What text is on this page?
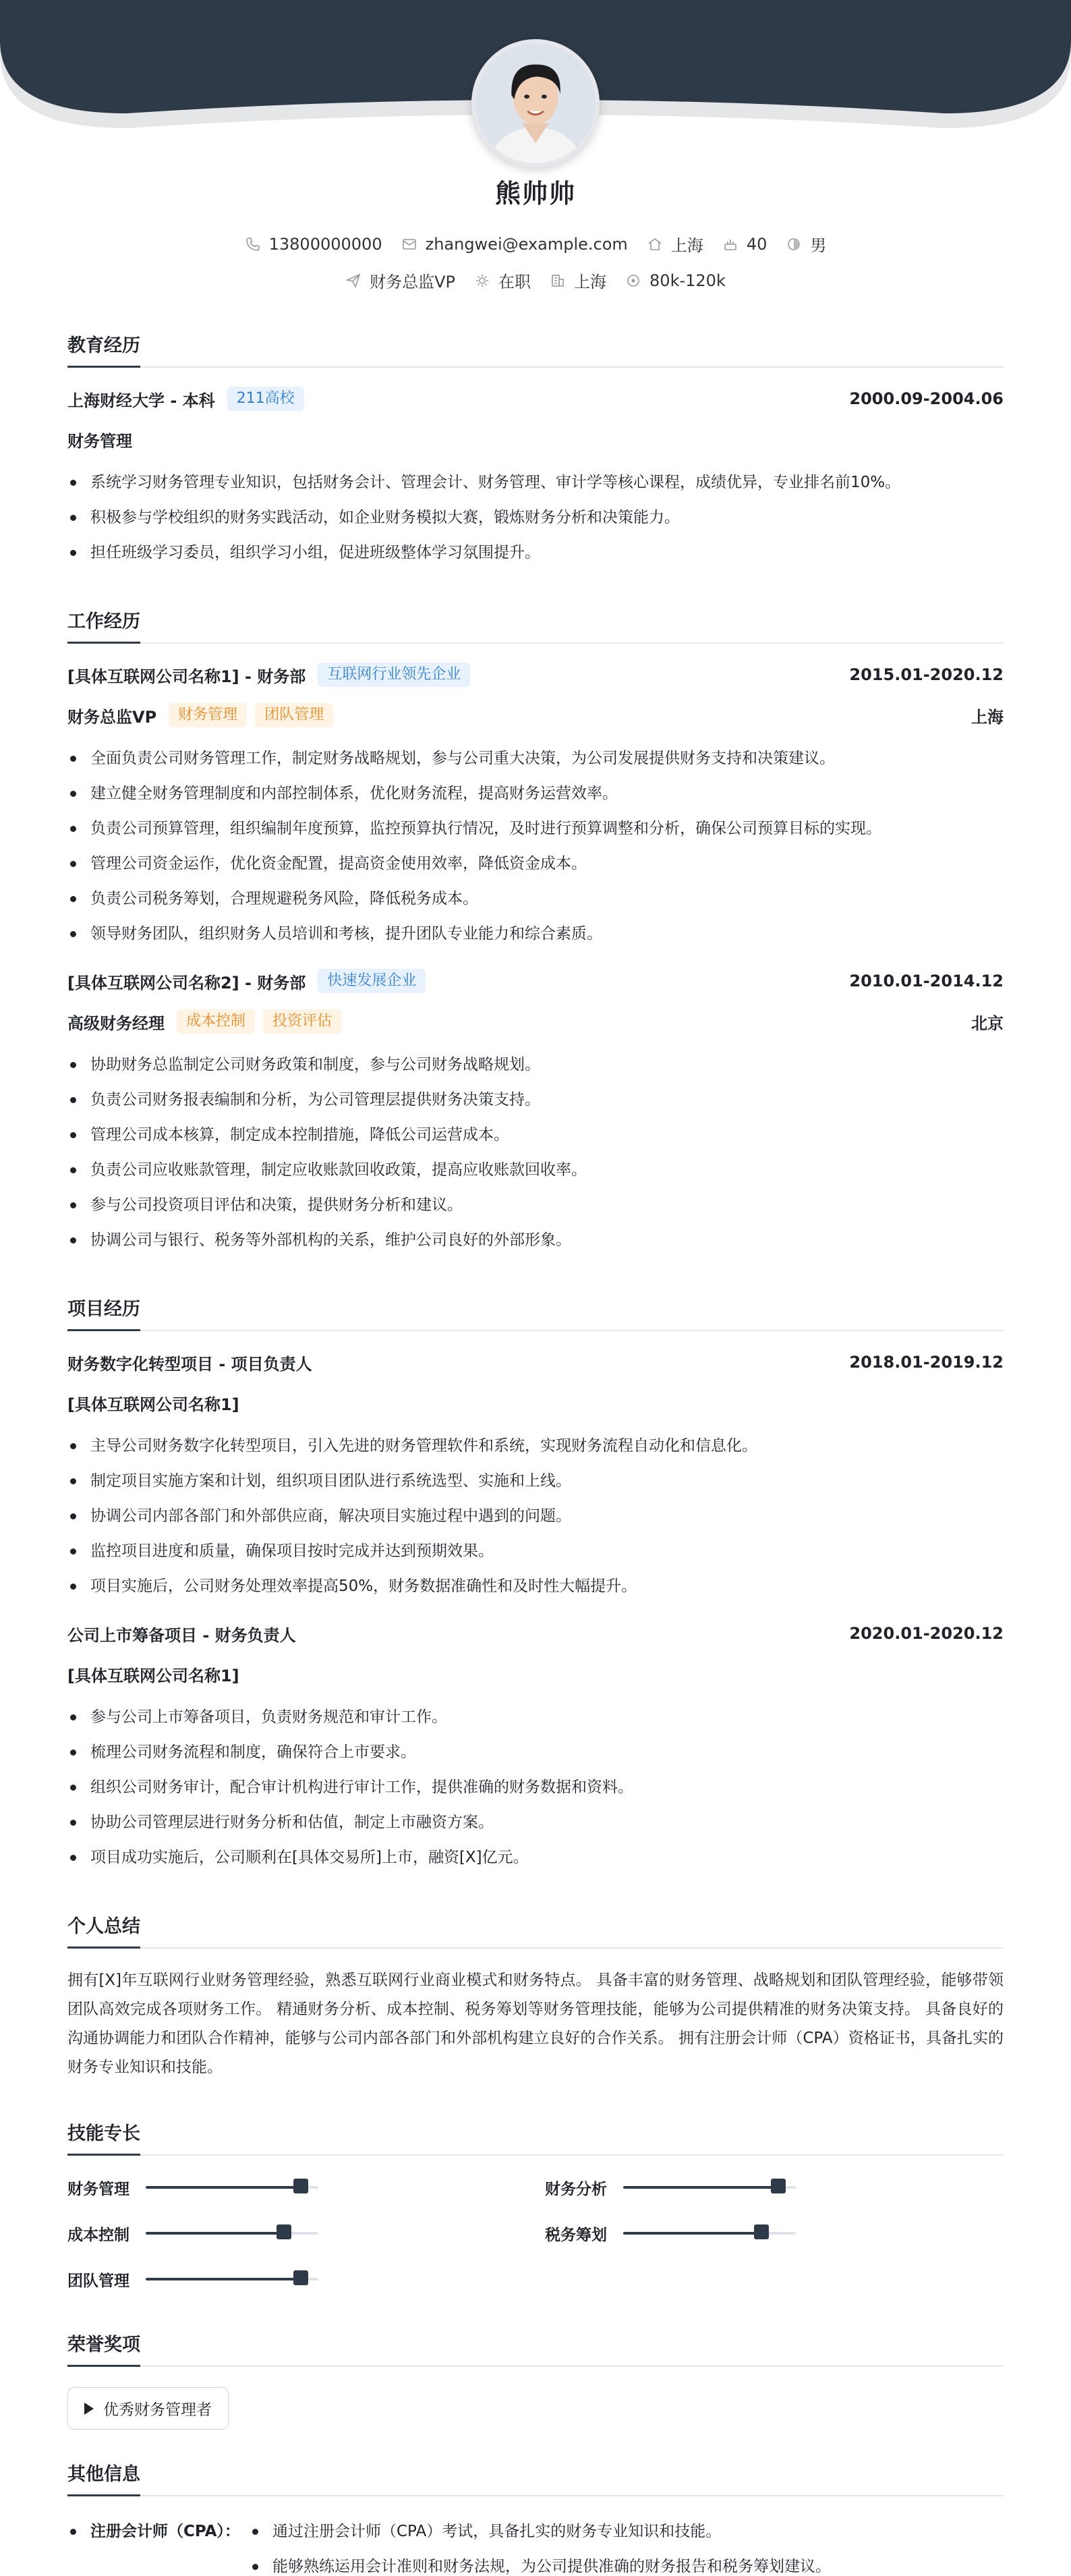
熊帅帅
13800000000	zhangwei@example.com	上海	40	男
财务总监VP	在职	上海	80k-120k
教育经历
上海财经大学 - 本科	211高校	2000.09-2004.06
财务管理
系统学习财务管理专业知识，包括财务会计、管理会计、财务管理、审计学等核心课程，成绩优异，专业排名前10%。
积极参与学校组织的财务实践活动，如企业财务模拟大赛，锻炼财务分析和决策能力。
担任班级学习委员，组织学习小组，促进班级整体学习氛围提升。
工作经历
[具体互联网公司名称1] - 财务部	互联网行业领先企业	2015.01-2020.12
财务总监VP	财务管理	团队管理	上海
全面负责公司财务管理工作，制定财务战略规划，参与公司重大决策，为公司发展提供财务支持和决策建议。
建立健全财务管理制度和内部控制体系，优化财务流程，提高财务运营效率。
负责公司预算管理，组织编制年度预算，监控预算执行情况，及时进行预算调整和分析，确保公司预算目标的实现。
管理公司资金运作，优化资金配置，提高资金使用效率，降低资金成本。
负责公司税务筹划，合理规避税务风险，降低税务成本。
领导财务团队，组织财务人员培训和考核，提升团队专业能力和综合素质。
[具体互联网公司名称2] - 财务部	快速发展企业	2010.01-2014.12
高级财务经理	成本控制	投资评估	北京
协助财务总监制定公司财务政策和制度，参与公司财务战略规划。
负责公司财务报表编制和分析，为公司管理层提供财务决策支持。
管理公司成本核算，制定成本控制措施，降低公司运营成本。
负责公司应收账款管理，制定应收账款回收政策，提高应收账款回收率。
参与公司投资项目评估和决策，提供财务分析和建议。
协调公司与银行、税务等外部机构的关系，维护公司良好的外部形象。
项目经历
财务数字化转型项目 - 项目负责人	2018.01-2019.12
[具体互联网公司名称1]
主导公司财务数字化转型项目，引入先进的财务管理软件和系统，实现财务流程自动化和信息化。
制定项目实施方案和计划，组织项目团队进行系统选型、实施和上线。
协调公司内部各部门和外部供应商，解决项目实施过程中遇到的问题。
监控项目进度和质量，确保项目按时完成并达到预期效果。
项目实施后，公司财务处理效率提高50%，财务数据准确性和及时性大幅提升。
公司上市筹备项目 - 财务负责人	2020.01-2020.12
[具体互联网公司名称1]
参与公司上市筹备项目，负责财务规范和审计工作。
梳理公司财务流程和制度，确保符合上市要求。
组织公司财务审计，配合审计机构进行审计工作，提供准确的财务数据和资料。
协助公司管理层进行财务分析和估值，制定上市融资方案。
项目成功实施后，公司顺利在[具体交易所]上市，融资[X]亿元。
个人总结

拥有[X]年互联网行业财务管理经验，熟悉互联网行业商业模式和财务特点。 具备丰富的财务管理、战略规划和团队管理经验，能够带领团队高效完成各项财务工作。 精通财务分析、成本控制、税务筹划等财务管理技能，能够为公司提供精准的财务决策支持。 具备良好的沟通协调能力和团队合作精神，能够与公司内部各部门和外部机构建立良好的合作关系。 拥有注册会计师（CPA）资格证书，具备扎实的财务专业知识和技能。

技能专长
财务管理	财务分析
成本控制	税务筹划
团队管理
荣誉奖项
优秀财务管理者
其他信息
注册会计师（CPA）：	通过注册会计师（CPA）考试，具备扎实的财务专业知识和技能。
能够熟练运用会计准则和财务法规，为公司提供准确的财务报告和税务筹划建议。
